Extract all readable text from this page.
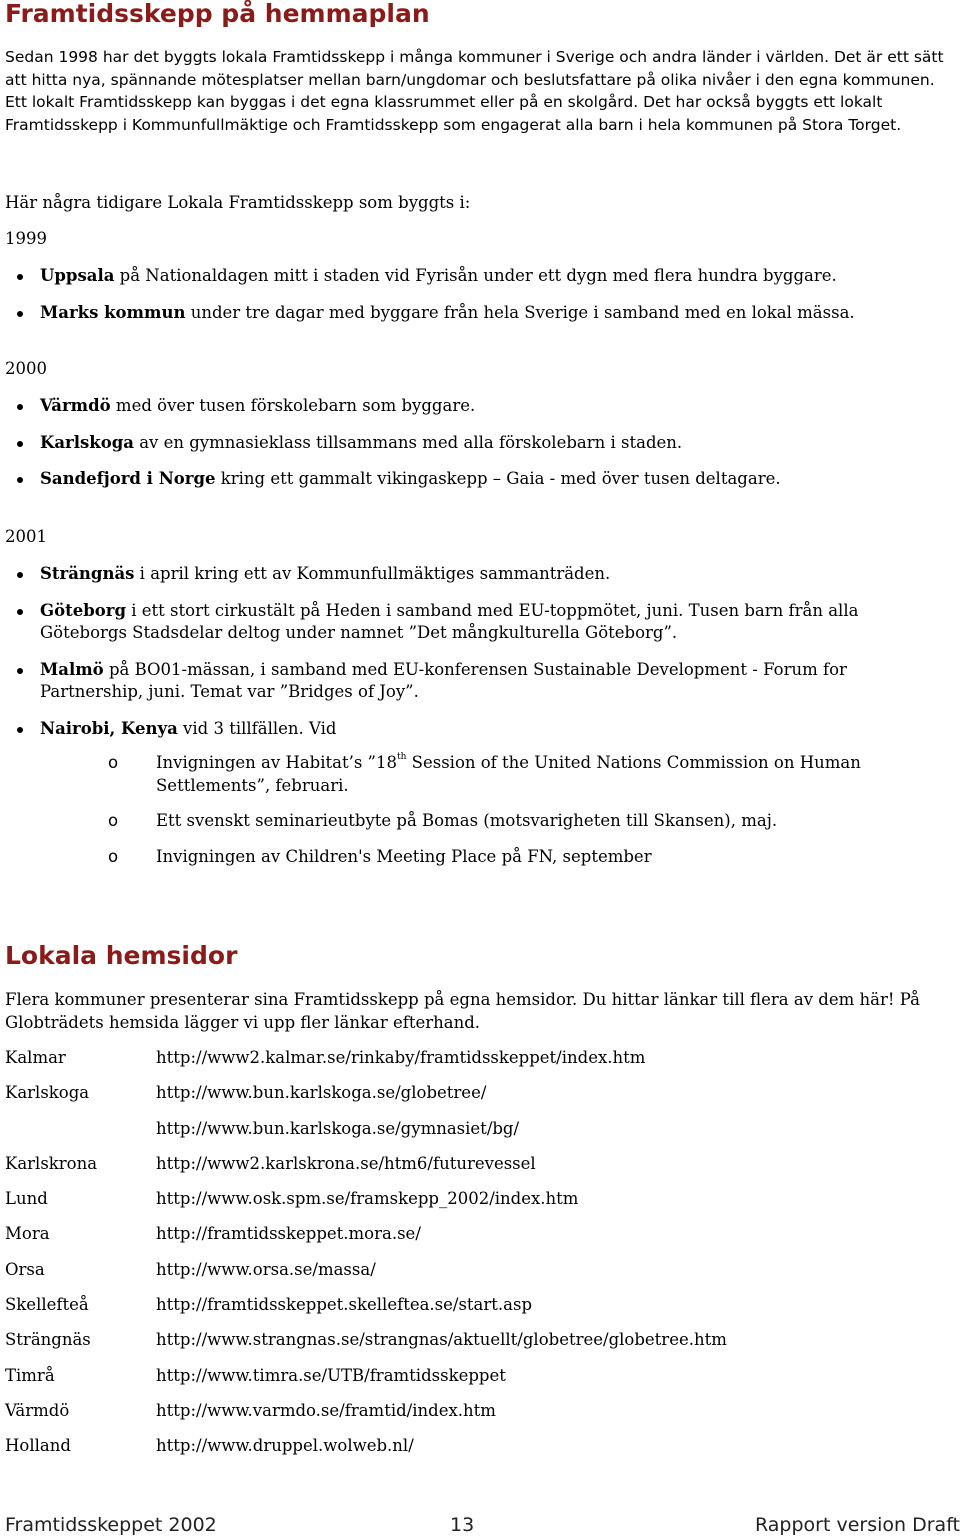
Framtidsskepp på hemmaplan

Sedan 1998 har det byggts lokala Framtidsskepp i många kommuner i Sverige och andra länder i världen. Det är ett sätt att hitta nya, spännande mötesplatser mellan barn/ungdomar och beslutsfattare på olika nivåer i den egna kommunen.

Ett lokalt Framtidsskepp kan byggas i det egna klassrummet eller på en skolgård. Det har också byggts ett lokalt Framtidsskepp i Kommunfullmäktige och Framtidsskepp som engagerat alla barn i hela kommunen på Stora Torget.

Här några tidigare Lokala Framtidsskepp som byggts i:

1999

Uppsala på Nationaldagen mitt i staden vid Fyrisån under ett dygn med flera hundra byggare.
Marks kommun under tre dagar med byggare från hela Sverige i samband med en lokal mässa.

2000

Värmdö med över tusen förskolebarn som byggare.
Karlskoga av en gymnasieklass tillsammans med alla förskolebarn i staden.
Sandefjord i Norge kring ett gammalt vikingaskepp – Gaia - med över tusen deltagare.

2001

Strängnäs i april kring ett av Kommunfullmäktiges sammanträden.
Göteborg i ett stort cirkustält på Heden i samband med EU-toppmötet, juni. Tusen barn från alla Göteborgs Stadsdelar deltog under namnet ”Det mångkulturella Göteborg”.
Malmö på BO01-mässan, i samband med EU-konferensen Sustainable Development - Forum for Partnership, juni. Temat var ”Bridges of Joy”.
Nairobi, Kenya vid 3 tillfällen. Vid
o Invigningen av Habitat’s ”18th Session of the United Nations Commission on Human Settlements”, februari.
o Ett svenskt seminarieutbyte på Bomas (motsvarigheten till Skansen), maj.
o Invigningen av Children's Meeting Place på FN, september
Lokala hemsidor

Flera kommuner presenterar sina Framtidsskepp på egna hemsidor. Du hittar länkar till flera av dem här! På Globträdets hemsida lägger vi upp fler länkar efterhand.

Kalmar	http://www2.kalmar.se/rinkaby/framtidsskeppet/index.htm
Karlskoga	http://www.bun.karlskoga.se/globetree/
http://www.bun.karlskoga.se/gymnasiet/bg/
Karlskrona	http://www2.karlskrona.se/htm6/futurevessel
Lund	http://www.osk.spm.se/framskepp_2002/index.htm
Mora	http://framtidsskeppet.mora.se/
Orsa	http://www.orsa.se/massa/
Skellefteå	http://framtidsskeppet.skelleftea.se/start.asp
Strängnäs	http://www.strangnas.se/strangnas/aktuellt/globetree/globetree.htm
Timrå	http://www.timra.se/UTB/framtidsskeppet
Värmdö	http://www.varmdo.se/framtid/index.htm
Holland	http://www.druppel.wolweb.nl/
Framtidsskeppet 2002	13	Rapport version Draft
